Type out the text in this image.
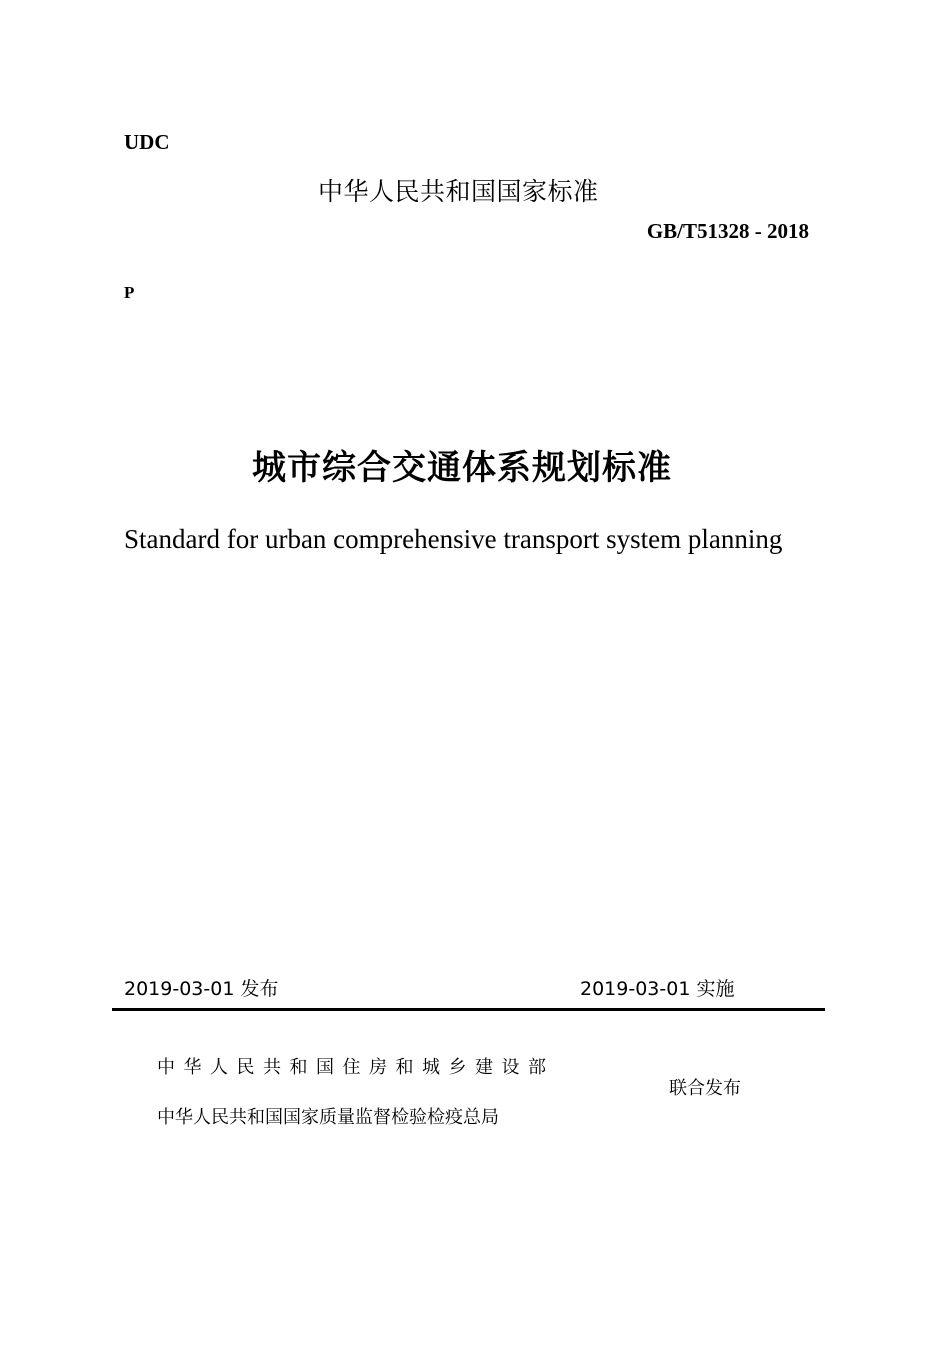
UDC
中华人民共和国国家标准
GB/T51328 - 2018
P
城市综合交通体系规划标准
Standard for urban comprehensive transport system planning
2019-03-01 发布	2019-03-01 实施
中华人民共和国住房和城乡建设部
中华人民共和国国家质量监督检验检疫总局
联合发布
